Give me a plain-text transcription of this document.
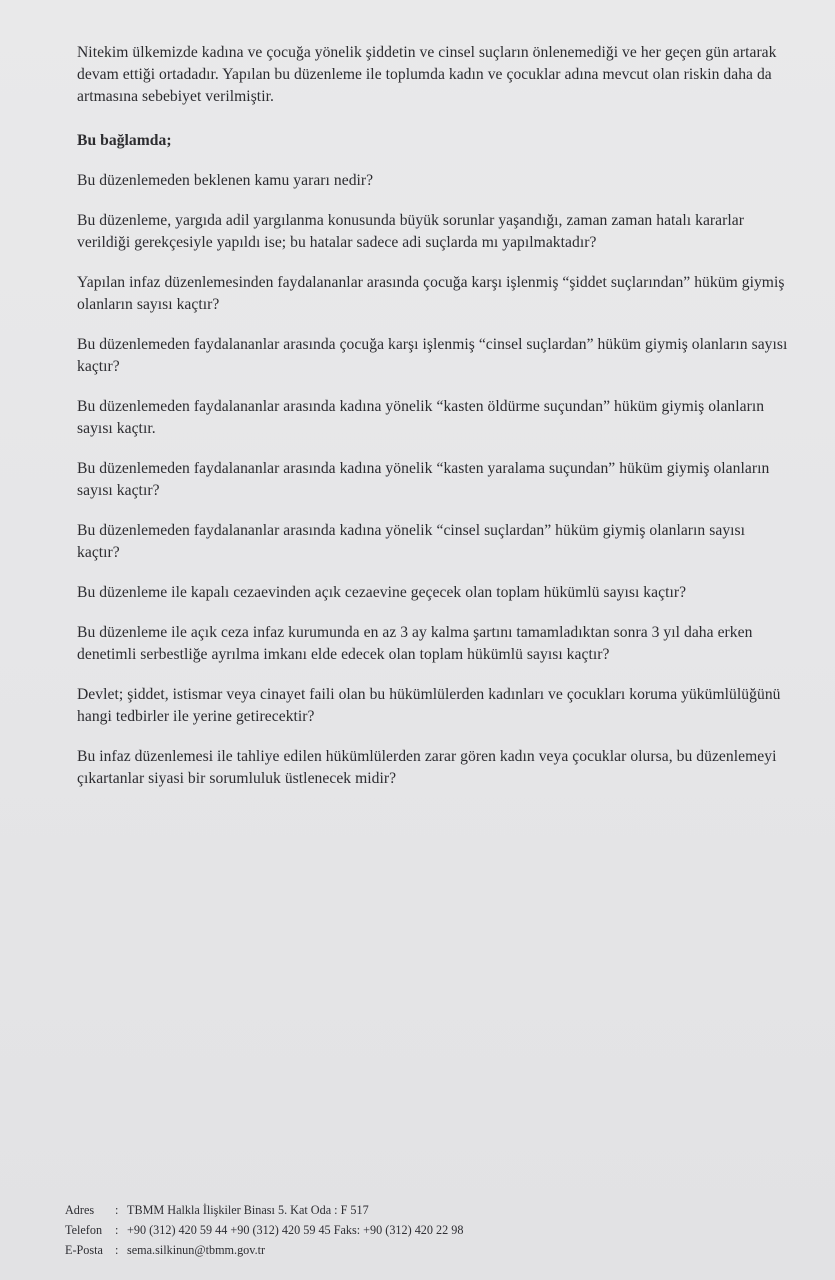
Nitekim ülkemizde kadına ve çocuğa yönelik şiddetin ve cinsel suçların önlenemediği ve her geçen gün artarak devam ettiği ortadadır. Yapılan bu düzenleme ile toplumda kadın ve çocuklar adına mevcut olan riskin daha da artmasına sebebiyet verilmiştir.

Bu bağlamda;

Bu düzenlemeden beklenen kamu yararı nedir?

Bu düzenleme, yargıda adil yargılanma konusunda büyük sorunlar yaşandığı, zaman zaman hatalı kararlar verildiği gerekçesiyle yapıldı ise; bu hatalar sadece adi suçlarda mı yapılmaktadır?

Yapılan infaz düzenlemesinden faydalananlar arasında çocuğa karşı işlenmiş “şiddet suçlarından” hüküm giymiş olanların sayısı kaçtır?

Bu düzenlemeden faydalananlar arasında çocuğa karşı işlenmiş “cinsel suçlardan” hüküm giymiş olanların sayısı kaçtır?

Bu düzenlemeden faydalananlar arasında kadına yönelik “kasten öldürme suçundan” hüküm giymiş olanların sayısı kaçtır.

Bu düzenlemeden faydalananlar arasında kadına yönelik “kasten yaralama suçundan” hüküm giymiş olanların sayısı kaçtır?

Bu düzenlemeden faydalananlar arasında kadına yönelik “cinsel suçlardan” hüküm giymiş olanların sayısı kaçtır?

Bu düzenleme ile kapalı cezaevinden açık cezaevine geçecek olan toplam hükümlü sayısı kaçtır?

Bu düzenleme ile açık ceza infaz kurumunda en az 3 ay kalma şartını tamamladıktan sonra 3 yıl daha erken denetimli serbestliğe ayrılma imkanı elde edecek olan toplam hükümlü sayısı kaçtır?

Devlet; şiddet, istismar veya cinayet faili olan bu hükümlülerden kadınları ve çocukları koruma yükümlülüğünü hangi tedbirler ile yerine getirecektir?

Bu infaz düzenlemesi ile tahliye edilen hükümlülerden zarar gören kadın veya çocuklar olursa, bu düzenlemeyi çıkartanlar siyasi bir sorumluluk üstlenecek midir?

Adres	: TBMM Halkla İlişkiler Binası 5. Kat Oda : F 517
Telefon	: +90 (312) 420 59 44 +90 (312) 420 59 45 Faks: +90 (312) 420 22 98
E-Posta : sema.silkinun@tbmm.gov.tr
